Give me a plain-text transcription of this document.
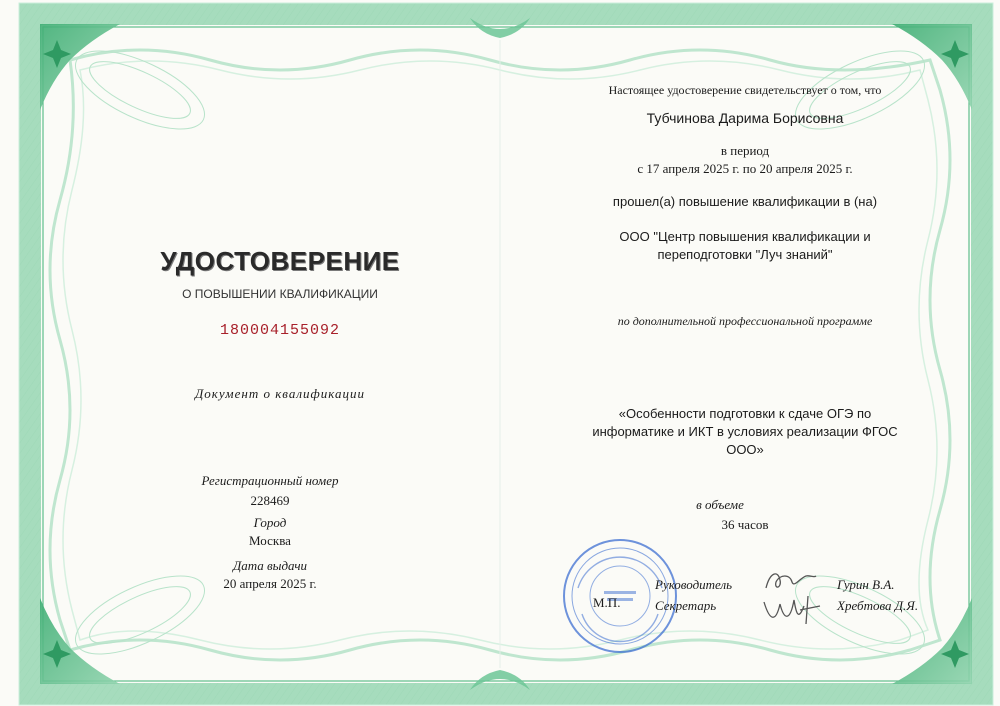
УДОСТОВЕРЕНИЕ
О ПОВЫШЕНИИ КВАЛИФИКАЦИИ
180004155092
Документ о квалификации
Регистрационный номер
228469
Город
Москва
Дата выдачи
20 апреля 2025 г.
Настоящее удостоверение свидетельствует о том, что
Тубчинова Дарима Борисовна
в период
с 17 апреля 2025 г. по 20 апреля 2025 г.
прошел(а) повышение квалификации в (на)
ООО "Центр повышения квалификации и
переподготовки "Луч знаний"
по дополнительной профессиональной программе
«Особенности подготовки к сдаче ОГЭ по
информатике и ИКТ в условиях реализации ФГОС
ООО»
в объеме
36 часов
М.П.
Руководитель
Секретарь
Гурин В.А.
Хребтова Д.Я.
